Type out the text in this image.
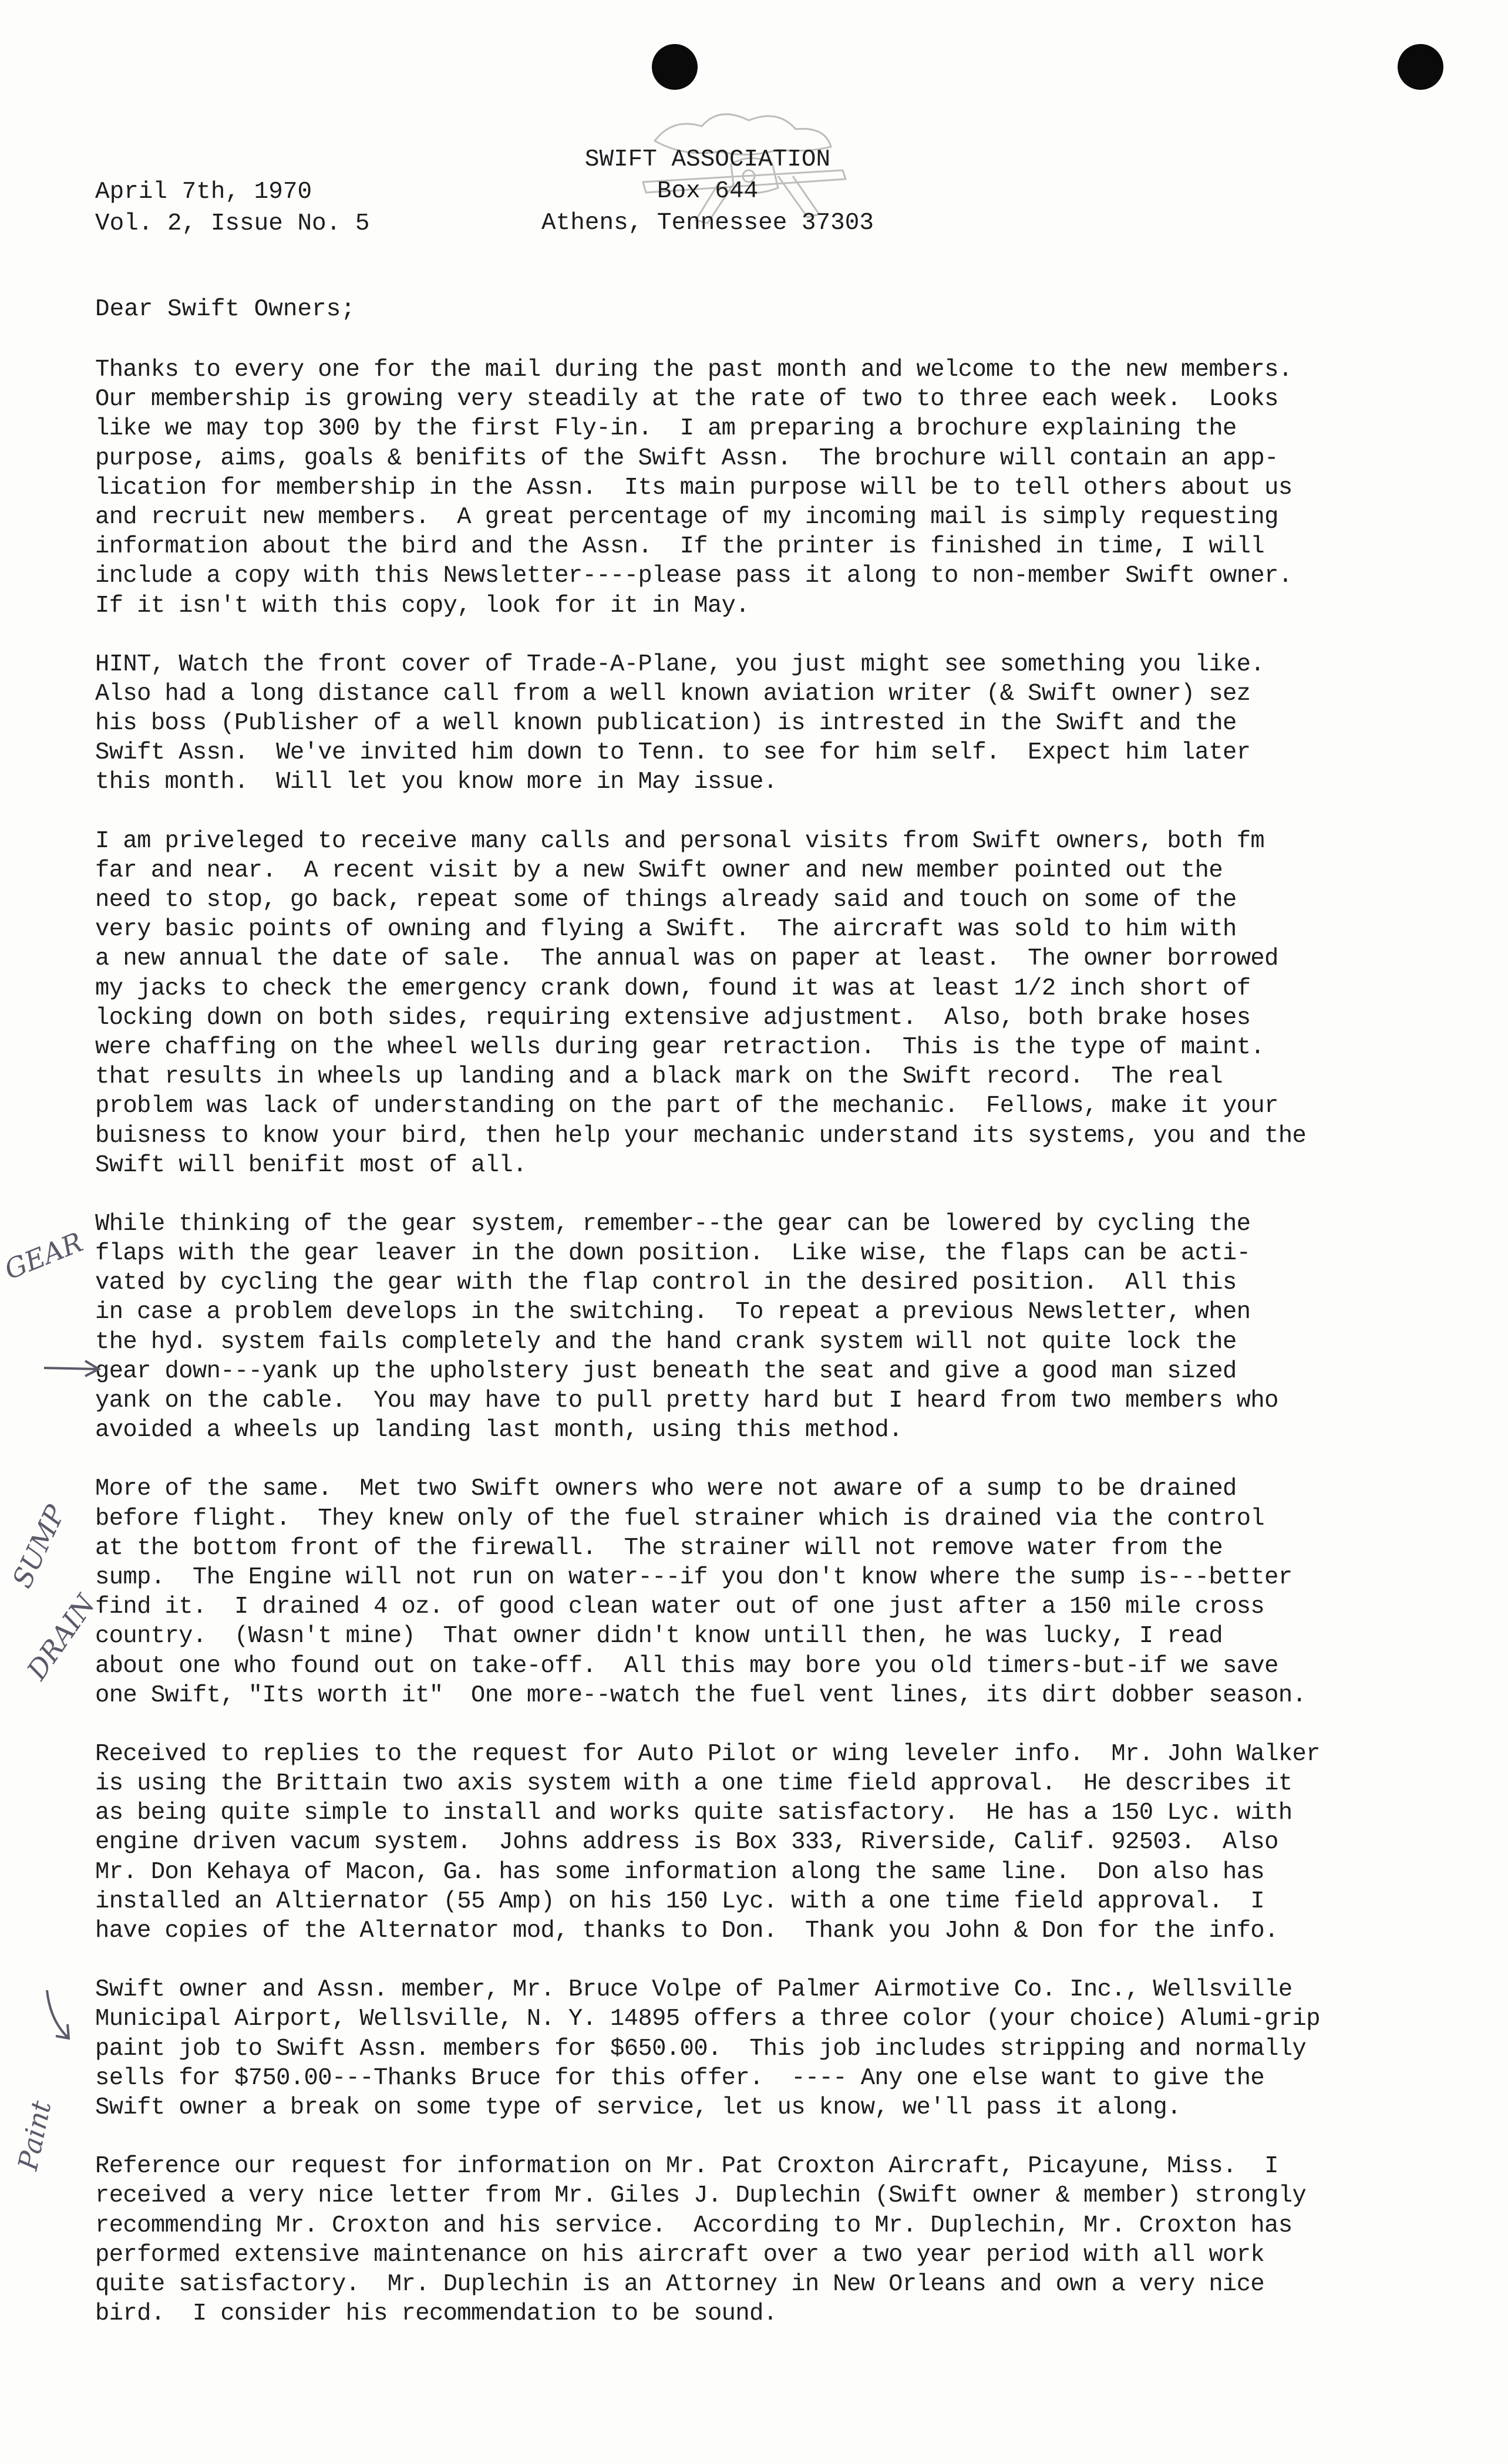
April 7th, 1970
Vol. 2, Issue No. 5
SWIFT ASSOCIATION
Box 644
Athens, Tennessee 37303
Dear Swift Owners;
Thanks to every one for the mail during the past month and welcome to the new members.
Our membership is growing very steadily at the rate of two to three each week.  Looks
like we may top 300 by the first Fly-in.  I am preparing a brochure explaining the
purpose, aims, goals & benifits of the Swift Assn.  The brochure will contain an app-
lication for membership in the Assn.  Its main purpose will be to tell others about us
and recruit new members.  A great percentage of my incoming mail is simply requesting
information about the bird and the Assn.  If the printer is finished in time, I will
include a copy with this Newsletter----please pass it along to non-member Swift owner.
If it isn't with this copy, look for it in May.
HINT, Watch the front cover of Trade-A-Plane, you just might see something you like.
Also had a long distance call from a well known aviation writer (& Swift owner) sez
his boss (Publisher of a well known publication) is intrested in the Swift and the
Swift Assn.  We've invited him down to Tenn. to see for him self.  Expect him later
this month.  Will let you know more in May issue.
I am priveleged to receive many calls and personal visits from Swift owners, both fm
far and near.  A recent visit by a new Swift owner and new member pointed out the
need to stop, go back, repeat some of things already said and touch on some of the
very basic points of owning and flying a Swift.  The aircraft was sold to him with
a new annual the date of sale.  The annual was on paper at least.  The owner borrowed
my jacks to check the emergency crank down, found it was at least 1/2 inch short of
locking down on both sides, requiring extensive adjustment.  Also, both brake hoses
were chaffing on the wheel wells during gear retraction.  This is the type of maint.
that results in wheels up landing and a black mark on the Swift record.  The real
problem was lack of understanding on the part of the mechanic.  Fellows, make it your
buisness to know your bird, then help your mechanic understand its systems, you and the
Swift will benifit most of all.
While thinking of the gear system, remember--the gear can be lowered by cycling the
flaps with the gear leaver in the down position.  Like wise, the flaps can be acti-
vated by cycling the gear with the flap control in the desired position.  All this
in case a problem develops in the switching.  To repeat a previous Newsletter, when
the hyd. system fails completely and the hand crank system will not quite lock the
gear down---yank up the upholstery just beneath the seat and give a good man sized
yank on the cable.  You may have to pull pretty hard but I heard from two members who
avoided a wheels up landing last month, using this method.
More of the same.  Met two Swift owners who were not aware of a sump to be drained
before flight.  They knew only of the fuel strainer which is drained via the control
at the bottom front of the firewall.  The strainer will not remove water from the
sump.  The Engine will not run on water---if you don't know where the sump is---better
find it.  I drained 4 oz. of good clean water out of one just after a 150 mile cross
country.  (Wasn't mine)  That owner didn't know untill then, he was lucky, I read
about one who found out on take-off.  All this may bore you old timers-but-if we save
one Swift, "Its worth it"  One more--watch the fuel vent lines, its dirt dobber season.
Received to replies to the request for Auto Pilot or wing leveler info.  Mr. John Walker
is using the Brittain two axis system with a one time field approval.  He describes it
as being quite simple to install and works quite satisfactory.  He has a 150 Lyc. with
engine driven vacum system.  Johns address is Box 333, Riverside, Calif. 92503.  Also
Mr. Don Kehaya of Macon, Ga. has some information along the same line.  Don also has
installed an Altiernator (55 Amp) on his 150 Lyc. with a one time field approval.  I
have copies of the Alternator mod, thanks to Don.  Thank you John & Don for the info.
Swift owner and Assn. member, Mr. Bruce Volpe of Palmer Airmotive Co. Inc., Wellsville
Municipal Airport, Wellsville, N. Y. 14895 offers a three color (your choice) Alumi-grip
paint job to Swift Assn. members for $650.00.  This job includes stripping and normally
sells for $750.00---Thanks Bruce for this offer.  ---- Any one else want to give the
Swift owner a break on some type of service, let us know, we'll pass it along.
Reference our request for information on Mr. Pat Croxton Aircraft, Picayune, Miss.  I
received a very nice letter from Mr. Giles J. Duplechin (Swift owner & member) strongly
recommending Mr. Croxton and his service.  According to Mr. Duplechin, Mr. Croxton has
performed extensive maintenance on his aircraft over a two year period with all work
quite satisfactory.  Mr. Duplechin is an Attorney in New Orleans and own a very nice
bird.  I consider his recommendation to be sound.
GEAR
SUMP
DRAIN
Paint
